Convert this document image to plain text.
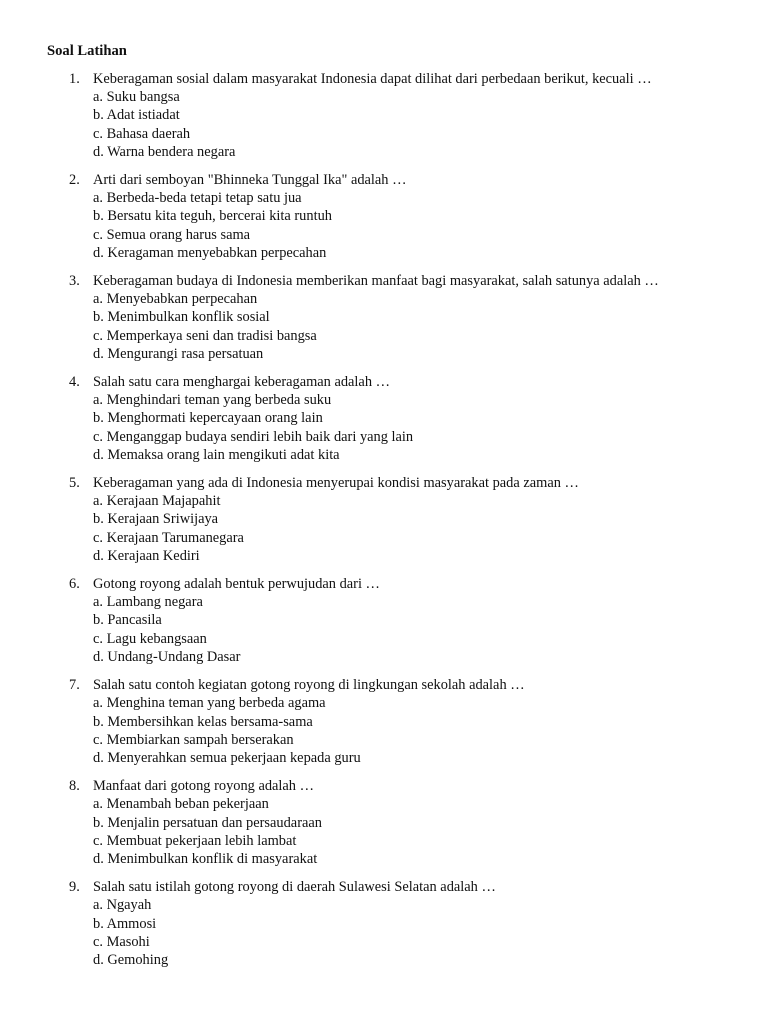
Soal Latihan
1. Keberagaman sosial dalam masyarakat Indonesia dapat dilihat dari perbedaan berikut, kecuali …
a. Suku bangsa
b. Adat istiadat
c. Bahasa daerah
d. Warna bendera negara
2. Arti dari semboyan "Bhinneka Tunggal Ika" adalah …
a. Berbeda-beda tetapi tetap satu jua
b. Bersatu kita teguh, bercerai kita runtuh
c. Semua orang harus sama
d. Keragaman menyebabkan perpecahan
3. Keberagaman budaya di Indonesia memberikan manfaat bagi masyarakat, salah satunya adalah …
a. Menyebabkan perpecahan
b. Menimbulkan konflik sosial
c. Memperkaya seni dan tradisi bangsa
d. Mengurangi rasa persatuan
4. Salah satu cara menghargai keberagaman adalah …
a. Menghindari teman yang berbeda suku
b. Menghormati kepercayaan orang lain
c. Menganggap budaya sendiri lebih baik dari yang lain
d. Memaksa orang lain mengikuti adat kita
5. Keberagaman yang ada di Indonesia menyerupai kondisi masyarakat pada zaman …
a. Kerajaan Majapahit
b. Kerajaan Sriwijaya
c. Kerajaan Tarumanegara
d. Kerajaan Kediri
6. Gotong royong adalah bentuk perwujudan dari …
a. Lambang negara
b. Pancasila
c. Lagu kebangsaan
d. Undang-Undang Dasar
7. Salah satu contoh kegiatan gotong royong di lingkungan sekolah adalah …
a. Menghina teman yang berbeda agama
b. Membersihkan kelas bersama-sama
c. Membiarkan sampah berserakan
d. Menyerahkan semua pekerjaan kepada guru
8. Manfaat dari gotong royong adalah …
a. Menambah beban pekerjaan
b. Menjalin persatuan dan persaudaraan
c. Membuat pekerjaan lebih lambat
d. Menimbulkan konflik di masyarakat
9. Salah satu istilah gotong royong di daerah Sulawesi Selatan adalah …
a. Ngayah
b. Ammosi
c. Masohi
d. Gemohing
